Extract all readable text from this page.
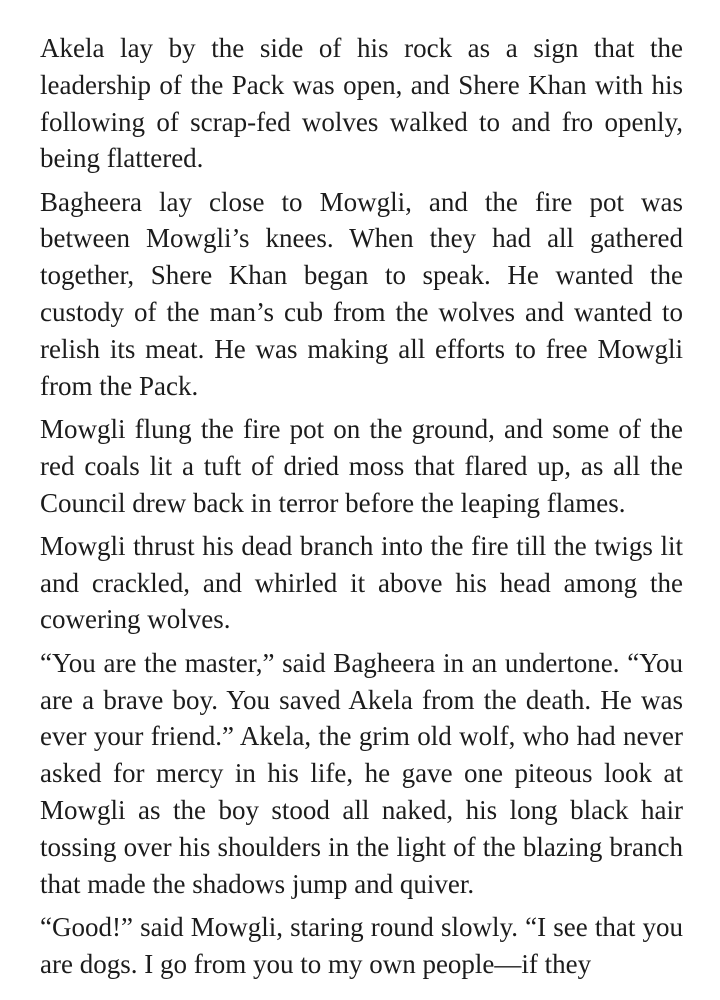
Akela lay by the side of his rock as a sign that the leadership of the Pack was open, and Shere Khan with his following of scrap-fed wolves walked to and fro openly, being flattered.

Bagheera lay close to Mowgli, and the fire pot was between Mowgli’s knees. When they had all gathered together, Shere Khan began to speak. He wanted the custody of the man’s cub from the wolves and wanted to relish its meat. He was making all efforts to free Mowgli from the Pack.

Mowgli flung the fire pot on the ground, and some of the red coals lit a tuft of dried moss that flared up, as all the Council drew back in terror before the leaping flames.

Mowgli thrust his dead branch into the fire till the twigs lit and crackled, and whirled it above his head among the cowering wolves.

“You are the master,” said Bagheera in an undertone. “You are a brave boy. You saved Akela from the death. He was ever your friend.” Akela, the grim old wolf, who had never asked for mercy in his life, he gave one piteous look at Mowgli as the boy stood all naked, his long black hair tossing over his shoulders in the light of the blazing branch that made the shadows jump and quiver.

“Good!” said Mowgli, staring round slowly. “I see that you are dogs. I go from you to my own people—if they
